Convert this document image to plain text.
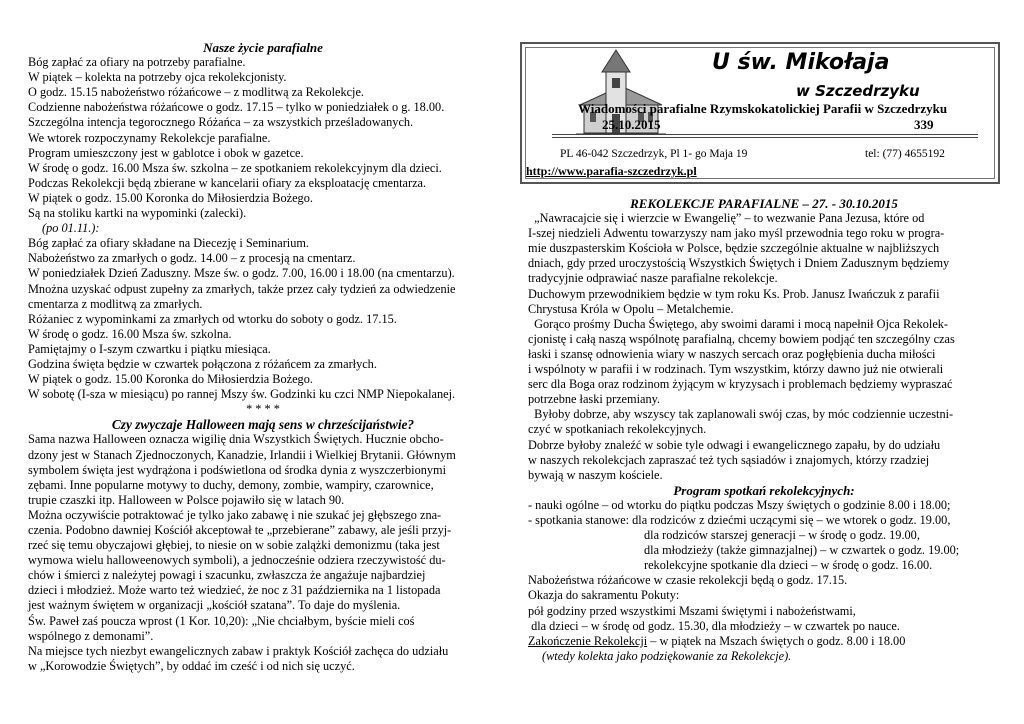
Nasze życie parafialne

Bóg zapłać za ofiary na potrzeby parafialne.
W piątek – kolekta na potrzeby ojca rekolekcjonisty.
O godz. 15.15 nabożeństwo różańcowe – z modlitwą za Rekolekcje.
Codzienne nabożeństwa różańcowe o godz. 17.15 – tylko w poniedziałek o g. 18.00.
Szczególna intencja tegorocznego Różańca – za wszystkich prześladowanych.
We wtorek rozpoczynamy Rekolekcje parafialne.
Program umieszczony jest w gablotce i obok w gazetce.
W środę o godz. 16.00 Msza św. szkolna – ze spotkaniem rekolekcyjnym dla dzieci.
Podczas Rekolekcji będą zbierane w kancelarii ofiary za eksploatację cmentarza.
W piątek o godz. 15.00 Koronka do Miłosierdzia Bożego.
Są na stoliku kartki na wypominki (zalecki).
(po 01.11.):
Bóg zapłać za ofiary składane na Diecezję i Seminarium.
Nabożeństwo za zmarłych o godz. 14.00 – z procesją na cmentarz.
W poniedziałek Dzień Zaduszny. Msze św. o godz. 7.00, 16.00 i 18.00 (na cmentarzu).
Mnożna uzyskać odpust zupełny za zmarłych, także przez cały tydzień za odwiedzenie
cmentarza z modlitwą za zmarłych.
Różaniec z wypominkami za zmarłych od wtorku do soboty o godz. 17.15.
W środę o godz. 16.00 Msza św. szkolna.
Pamiętajmy o I-szym czwartku i piątku miesiąca.
Godzina święta będzie w czwartek połączona z różańcem za zmarłych.
W piątek o godz. 15.00 Koronka do Miłosierdzia Bożego.
W sobotę (I-sza w miesiącu) po rannej Mszy św. Godzinki ku czci NMP Niepokalanej.
* * * *

Czy zwyczaje Halloween mają sens w chrześcijaństwie?

Sama nazwa Halloween oznacza wigilię dnia Wszystkich Świętych. Hucznie obcho-
dzony jest w Stanach Zjednoczonych, Kanadzie, Irlandii i Wielkiej Brytanii. Głównym
symbolem święta jest wydrążona i podświetlona od środka dynia z wyszczerbionymi
zębami. Inne popularne motywy to duchy, demony, zombie, wampiry, czarownice,
trupie czaszki itp. Halloween w Polsce pojawiło się w latach 90.
Można oczywiście potraktować je tylko jako zabawę i nie szukać jej głębszego zna-
czenia. Podobno dawniej Kościół akceptował te „przebierane” zabawy, ale jeśli przyj-
rzeć się temu obyczajowi głębiej, to niesie on w sobie zalążki demonizmu (taka jest
wymowa wielu halloweenowych symboli), a jednocześnie odziera rzeczywistość du-
chów i śmierci z należytej powagi i szacunku, zwłaszcza że angażuje najbardziej
dzieci i młodzież. Może warto też wiedzieć, że noc z 31 października na 1 listopada
jest ważnym świętem w organizacji „kościół szatana”. To daje do myślenia.
Św. Paweł zaś poucza wprost (1 Kor. 10,20): „Nie chciałbym, byście mieli coś
wspólnego z demonami”.
Na miejsce tych niezbyt ewangelicznych zabaw i praktyk Kościół zachęca do udziału
w „Korowodzie Świętych”, by oddać im cześć i od nich się uczyć.
U św. Mikołaja
w Szczedrzyku
Wiadomości parafialne Rzymskokatolickiej Parafii w Szczedrzyku
25.10.2015	339
PL 46-042 Szczedrzyk, Pl 1- go Maja 19	tel: (77) 4655192
http://www.parafia-szczedrzyk.pl
REKOLEKCJE PARAFIALNE – 27. - 30.10.2015
„Nawracajcie się i wierzcie w Ewangelię” – to wezwanie Pana Jezusa, które od
I-szej niedzieli Adwentu towarzyszy nam jako myśl przewodnia tego roku w progra-
mie duszpasterskim Kościoła w Polsce, będzie szczególnie aktualne w najbliższych
dniach, gdy przed uroczystością Wszystkich Świętych i Dniem Zadusznym będziemy
tradycyjnie odprawiać nasze parafialne rekolekcje.
Duchowym przewodnikiem będzie w tym roku Ks. Prob. Janusz Iwańczuk z parafii
Chrystusa Króla w Opolu – Metalchemie.
Gorąco prośmy Ducha Świętego, aby swoimi darami i mocą napełnił Ojca Rekolek-
cjonistę i całą naszą wspólnotę parafialną, chcemy bowiem podjąć ten szczególny czas
łaski i szansę odnowienia wiary w naszych sercach oraz pogłębienia ducha miłości
i wspólnoty w parafii i w rodzinach. Tym wszystkim, którzy dawno już nie otwierali
serc dla Boga oraz rodzinom żyjącym w kryzysach i problemach będziemy wypraszać
potrzebne łaski przemiany.
Byłoby dobrze, aby wszyscy tak zaplanowali swój czas, by móc codziennie uczestni-
czyć w spotkaniach rekolekcyjnych.
Dobrze byłoby znaleźć w sobie tyle odwagi i ewangelicznego zapału, by do udziału
w naszych rekolekcjach zapraszać też tych sąsiadów i znajomych, którzy rzadziej
bywają w naszym kościele.

Program spotkań rekolekcyjnych:

- nauki ogólne – od wtorku do piątku podczas Mszy świętych o godzinie 8.00 i 18.00;
- spotkania stanowe: dla rodziców z dziećmi uczącymi się – we wtorek o godz. 19.00,
dla rodziców starszej generacji – w środę o godz. 19.00,
dla młodzieży (także gimnazjalnej) – w czwartek o godz. 19.00;
rekolekcyjne spotkanie dla dzieci – w środę o godz. 16.00.
Nabożeństwa różańcowe w czasie rekolekcji będą o godz. 17.15.
Okazja do sakramentu Pokuty:
pół godziny przed wszystkimi Mszami świętymi i nabożeństwami,
dla dzieci – w środę od godz. 15.30, dla młodzieży – w czwartek po nauce.
Zakończenie Rekolekcji – w piątek na Mszach świętych o godz. 8.00 i 18.00
(wtedy kolekta jako podziękowanie za Rekolekcje).
